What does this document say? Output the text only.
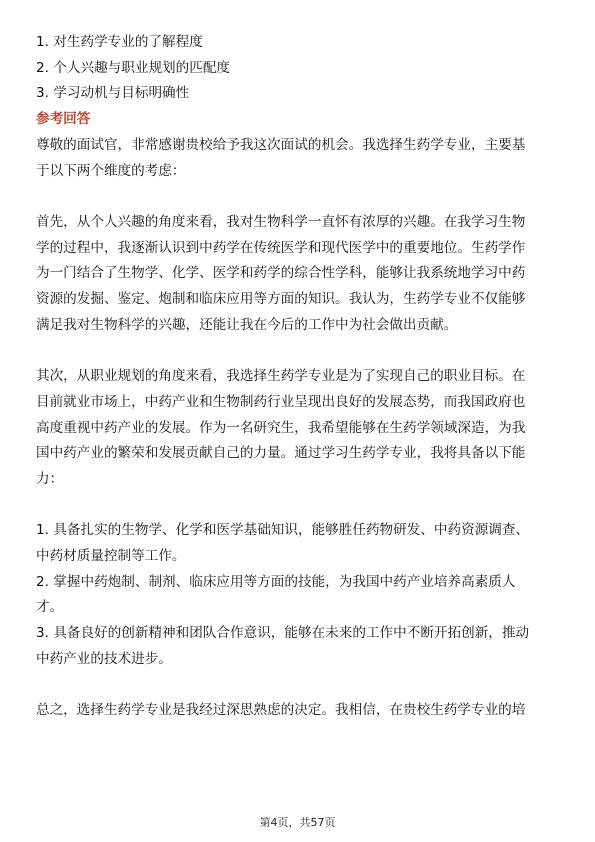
1. 对生药学专业的了解程度
2. 个人兴趣与职业规划的匹配度
3. 学习动机与目标明确性
参考回答
尊敬的面试官，非常感谢贵校给予我这次面试的机会。我选择生药学专业，主要基
于以下两个维度的考虑：
首先，从个人兴趣的角度来看，我对生物科学一直怀有浓厚的兴趣。在我学习生物
学的过程中，我逐渐认识到中药学在传统医学和现代医学中的重要地位。生药学作
为一门结合了生物学、化学、医学和药学的综合性学科，能够让我系统地学习中药
资源的发掘、鉴定、炮制和临床应用等方面的知识。我认为，生药学专业不仅能够
满足我对生物科学的兴趣，还能让我在今后的工作中为社会做出贡献。
其次，从职业规划的角度来看，我选择生药学专业是为了实现自己的职业目标。在
目前就业市场上，中药产业和生物制药行业呈现出良好的发展态势，而我国政府也
高度重视中药产业的发展。作为一名研究生，我希望能够在生药学领域深造，为我
国中药产业的繁荣和发展贡献自己的力量。通过学习生药学专业，我将具备以下能
力：
1. 具备扎实的生物学、化学和医学基础知识，能够胜任药物研发、中药资源调查、
中药材质量控制等工作。
2. 掌握中药炮制、制剂、临床应用等方面的技能，为我国中药产业培养高素质人
才。
3. 具备良好的创新精神和团队合作意识，能够在未来的工作中不断开拓创新，推动
中药产业的技术进步。
总之，选择生药学专业是我经过深思熟虑的决定。我相信，在贵校生药学专业的培
第4页，共57页
